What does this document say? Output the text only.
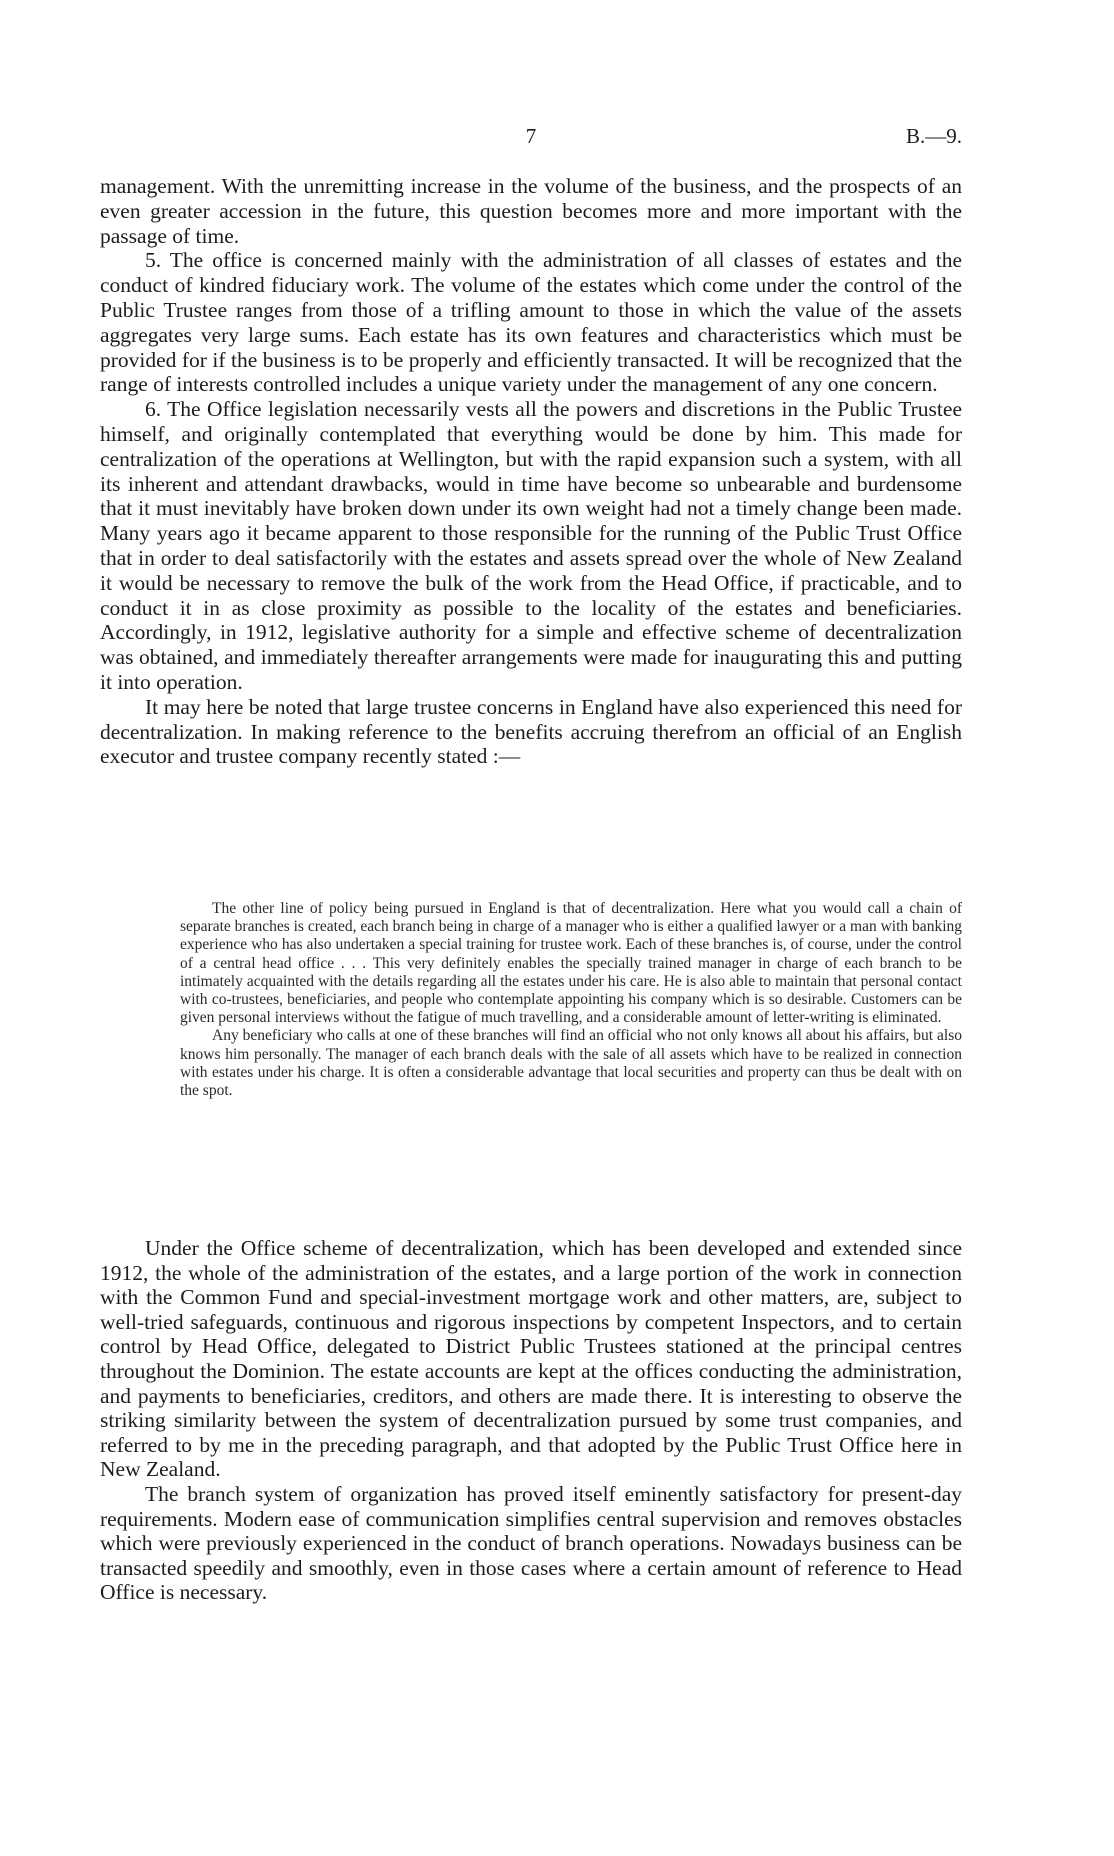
7	B.—9.

management. With the unremitting increase in the volume of the business, and the prospects of an even greater accession in the future, this question becomes more and more important with the passage of time.

5. The office is concerned mainly with the administration of all classes of estates and the conduct of kindred fiduciary work. The volume of the estates which come under the control of the Public Trustee ranges from those of a trifling amount to those in which the value of the assets aggregates very large sums. Each estate has its own features and characteristics which must be provided for if the business is to be properly and efficiently transacted. It will be recognized that the range of interests controlled includes a unique variety under the management of any one concern.

6. The Office legislation necessarily vests all the powers and discretions in the Public Trustee himself, and originally contemplated that everything would be done by him. This made for centralization of the operations at Wellington, but with the rapid expansion such a system, with all its inherent and attendant drawbacks, would in time have become so unbearable and burdensome that it must inevitably have broken down under its own weight had not a timely change been made. Many years ago it became apparent to those responsible for the running of the Public Trust Office that in order to deal satisfactorily with the estates and assets spread over the whole of New Zealand it would be necessary to remove the bulk of the work from the Head Office, if practicable, and to conduct it in as close proximity as possible to the locality of the estates and beneficiaries. Accordingly, in 1912, legislative authority for a simple and effective scheme of decentralization was obtained, and immediately thereafter arrangements were made for inaugurating this and putting it into operation.

It may here be noted that large trustee concerns in England have also experienced this need for decentralization. In making reference to the benefits accruing therefrom an official of an English executor and trustee company recently stated :—

The other line of policy being pursued in England is that of decentralization. Here what you would call a chain of separate branches is created, each branch being in charge of a manager who is either a qualified lawyer or a man with banking experience who has also undertaken a special training for trustee work. Each of these branches is, of course, under the control of a central head office . . . This very definitely enables the specially trained manager in charge of each branch to be intimately acquainted with the details regarding all the estates under his care. He is also able to maintain that personal contact with co-trustees, beneficiaries, and people who contemplate appointing his company which is so desirable. Customers can be given personal interviews without the fatigue of much travelling, and a considerable amount of letter-writing is eliminated.

Any beneficiary who calls at one of these branches will find an official who not only knows all about his affairs, but also knows him personally. The manager of each branch deals with the sale of all assets which have to be realized in connection with estates under his charge. It is often a considerable advantage that local securities and property can thus be dealt with on the spot.

Under the Office scheme of decentralization, which has been developed and extended since 1912, the whole of the administration of the estates, and a large portion of the work in connection with the Common Fund and special-investment mortgage work and other matters, are, subject to well-tried safeguards, continuous and rigorous inspections by competent Inspectors, and to certain control by Head Office, delegated to District Public Trustees stationed at the principal centres throughout the Dominion. The estate accounts are kept at the offices conducting the administration, and payments to beneficiaries, creditors, and others are made there. It is interesting to observe the striking similarity between the system of decentralization pursued by some trust companies, and referred to by me in the preceding paragraph, and that adopted by the Public Trust Office here in New Zealand.

The branch system of organization has proved itself eminently satisfactory for present-day requirements. Modern ease of communication simplifies central supervision and removes obstacles which were previously experienced in the conduct of branch operations. Nowadays business can be transacted speedily and smoothly, even in those cases where a certain amount of reference to Head Office is necessary.
